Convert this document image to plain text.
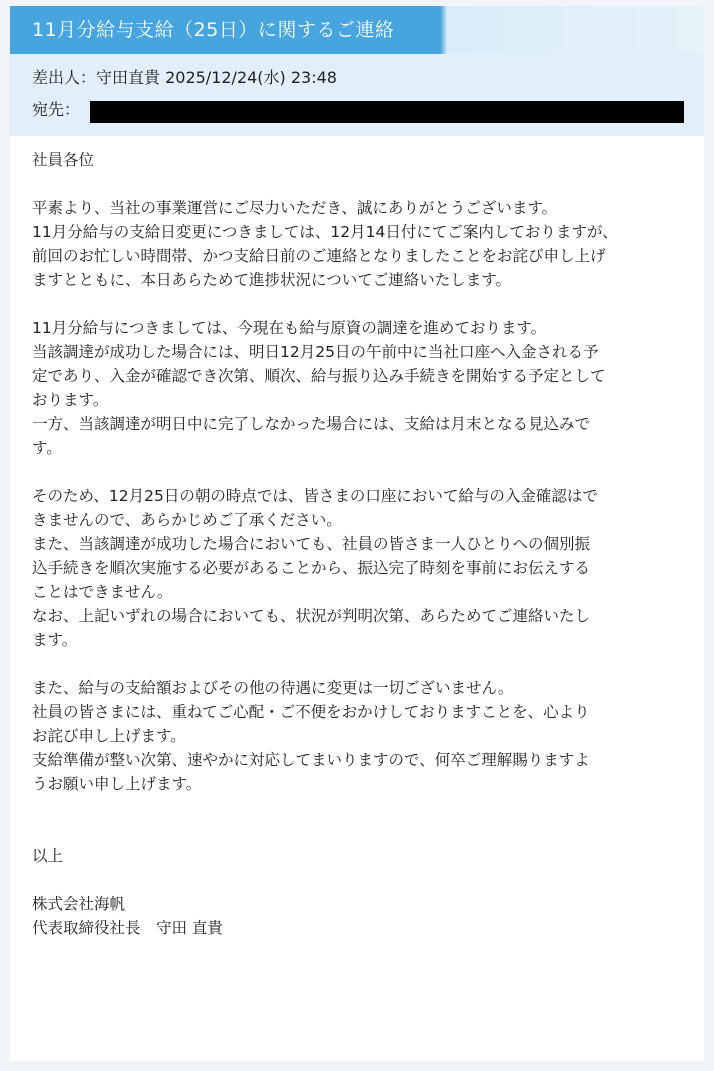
11月分給与支給（25日）に関するご連絡
差出人：守田直貴 2025/12/24(水) 23:48
宛先：
社員各位
平素より、当社の事業運営にご尽力いただき、誠にありがとうございます。
11月分給与の支給日変更につきましては、12月14日付にてご案内しておりますが、
前回のお忙しい時間帯、かつ支給日前のご連絡となりましたことをお詫び申し上げ
ますとともに、本日あらためて進捗状況についてご連絡いたします。
11月分給与につきましては、今現在も給与原資の調達を進めております。
当該調達が成功した場合には、明日12月25日の午前中に当社口座へ入金される予
定であり、入金が確認でき次第、順次、給与振り込み手続きを開始する予定として
おります。
一方、当該調達が明日中に完了しなかった場合には、支給は月末となる見込みで
す。
そのため、12月25日の朝の時点では、皆さまの口座において給与の入金確認はで
きませんので、あらかじめご了承ください。
また、当該調達が成功した場合においても、社員の皆さま一人ひとりへの個別振
込手続きを順次実施する必要があることから、振込完了時刻を事前にお伝えする
ことはできません。
なお、上記いずれの場合においても、状況が判明次第、あらためてご連絡いたし
ます。
また、給与の支給額およびその他の待遇に変更は一切ございません。
社員の皆さまには、重ねてご心配・ご不便をおかけしておりますことを、心より
お詫び申し上げます。
支給準備が整い次第、速やかに対応してまいりますので、何卒ご理解賜りますよ
うお願い申し上げます。
以上
株式会社海帆
代表取締役社長　守田 直貴
